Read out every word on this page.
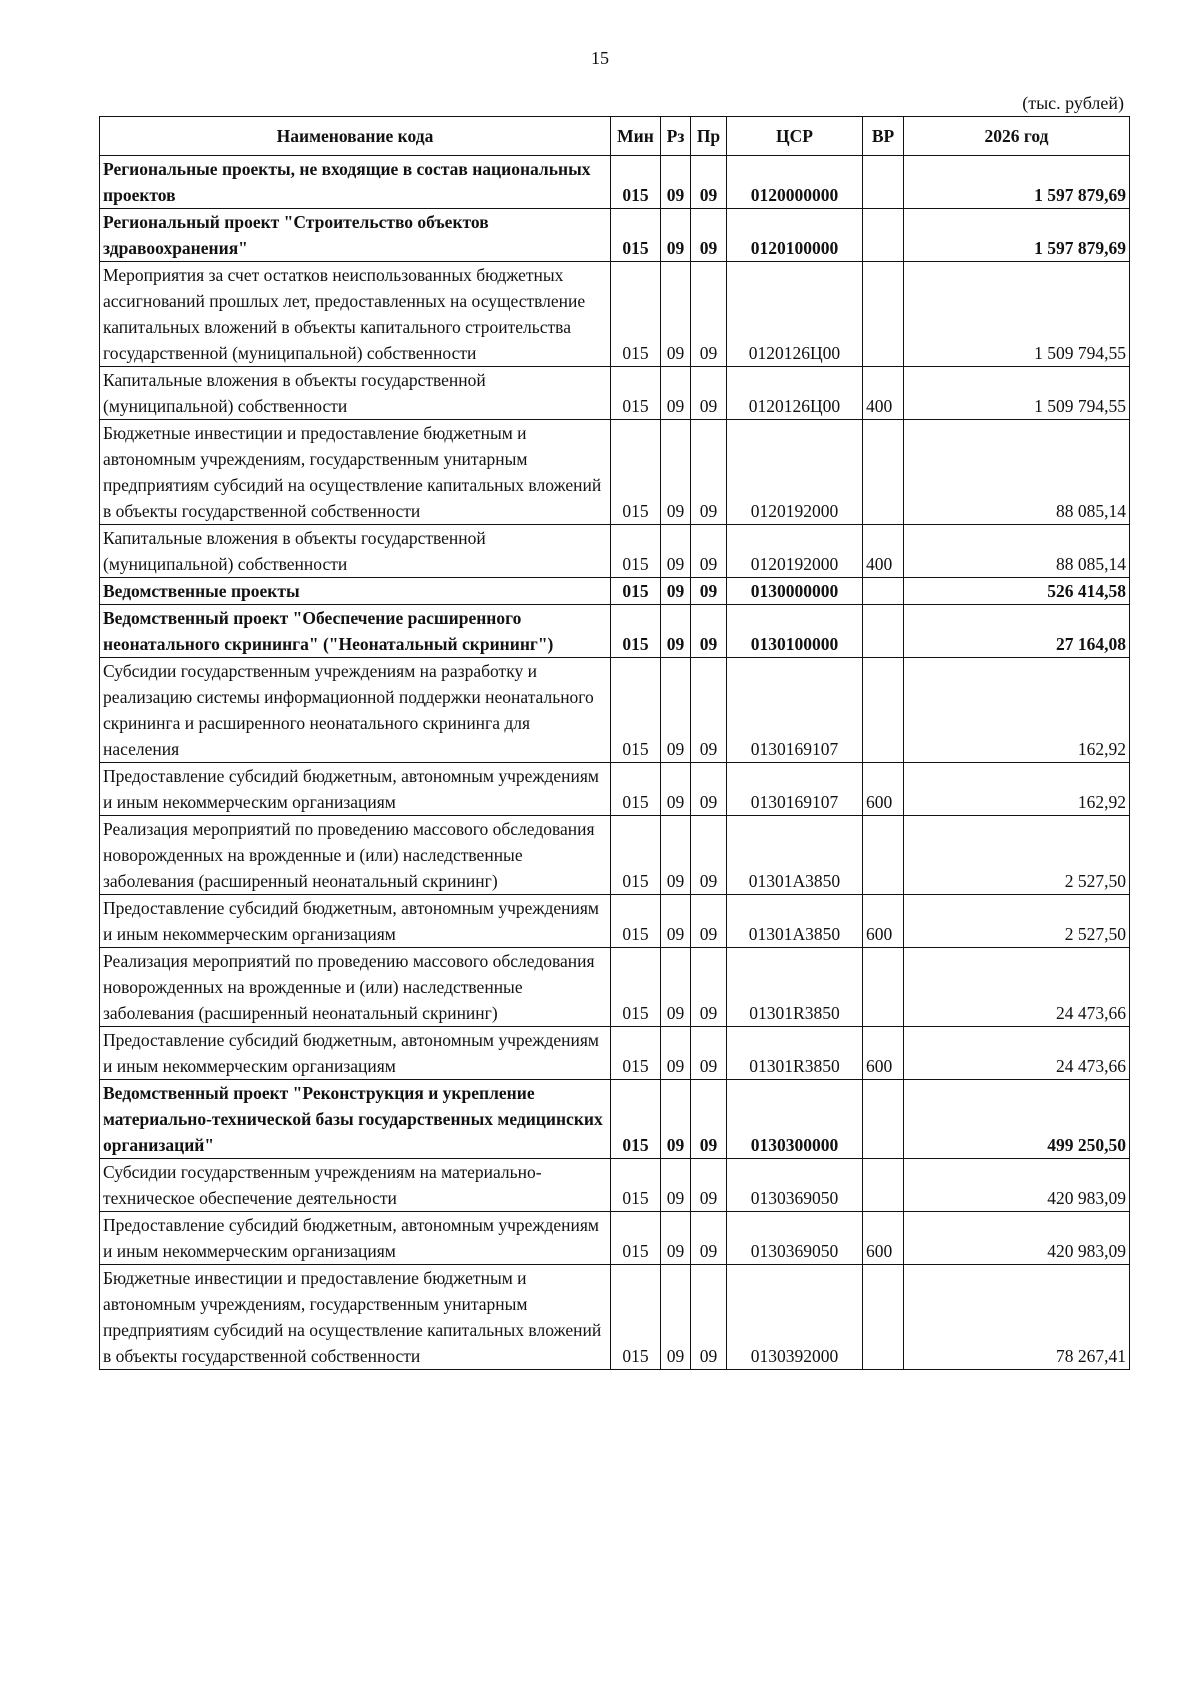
15
(тыс. рублей)
Наименование кода	Мин	Рз	Пр	ЦСР	ВР	2026 год
Региональные проекты, не входящие в состав национальных проектов	015	09	09	0120000000		1 597 879,69
Региональный проект "Строительство объектов здравоохранения"	015	09	09	0120100000		1 597 879,69
Мероприятия за счет остатков неиспользованных бюджетных ассигнований прошлых лет, предоставленных на осуществление капитальных вложений в объекты капитального строительства государственной (муниципальной) собственности	015	09	09	0120126Ц00		1 509 794,55
Капитальные вложения в объекты государственной (муниципальной) собственности	015	09	09	0120126Ц00	400	1 509 794,55
Бюджетные инвестиции и предоставление бюджетным и автономным учреждениям, государственным унитарным предприятиям субсидий на осуществление капитальных вложений в объекты государственной собственности	015	09	09	0120192000		88 085,14
Капитальные вложения в объекты государственной (муниципальной) собственности	015	09	09	0120192000	400	88 085,14
Ведомственные проекты	015	09	09	0130000000		526 414,58
Ведомственный проект "Обеспечение расширенного неонатального скрининга" ("Неонатальный скрининг")	015	09	09	0130100000		27 164,08
Субсидии государственным учреждениям на разработку и реализацию системы информационной поддержки неонатального скрининга и расширенного неонатального скрининга для населения	015	09	09	0130169107		162,92
Предоставление субсидий бюджетным, автономным учреждениям и иным некоммерческим организациям	015	09	09	0130169107	600	162,92
Реализация мероприятий по проведению массового обследования новорожденных на врожденные и (или) наследственные заболевания (расширенный неонатальный скрининг)	015	09	09	01301А3850		2 527,50
Предоставление субсидий бюджетным, автономным учреждениям и иным некоммерческим организациям	015	09	09	01301А3850	600	2 527,50
Реализация мероприятий по проведению массового обследования новорожденных на врожденные и (или) наследственные заболевания (расширенный неонатальный скрининг)	015	09	09	01301R3850		24 473,66
Предоставление субсидий бюджетным, автономным учреждениям и иным некоммерческим организациям	015	09	09	01301R3850	600	24 473,66
Ведомственный проект "Реконструкция и укрепление материально-технической базы государственных медицинских организаций"	015	09	09	0130300000		499 250,50
Субсидии государственным учреждениям на материально-техническое обеспечение деятельности	015	09	09	0130369050		420 983,09
Предоставление субсидий бюджетным, автономным учреждениям и иным некоммерческим организациям	015	09	09	0130369050	600	420 983,09
Бюджетные инвестиции и предоставление бюджетным и автономным учреждениям, государственным унитарным предприятиям субсидий на осуществление капитальных вложений в объекты государственной собственности	015	09	09	0130392000		78 267,41
